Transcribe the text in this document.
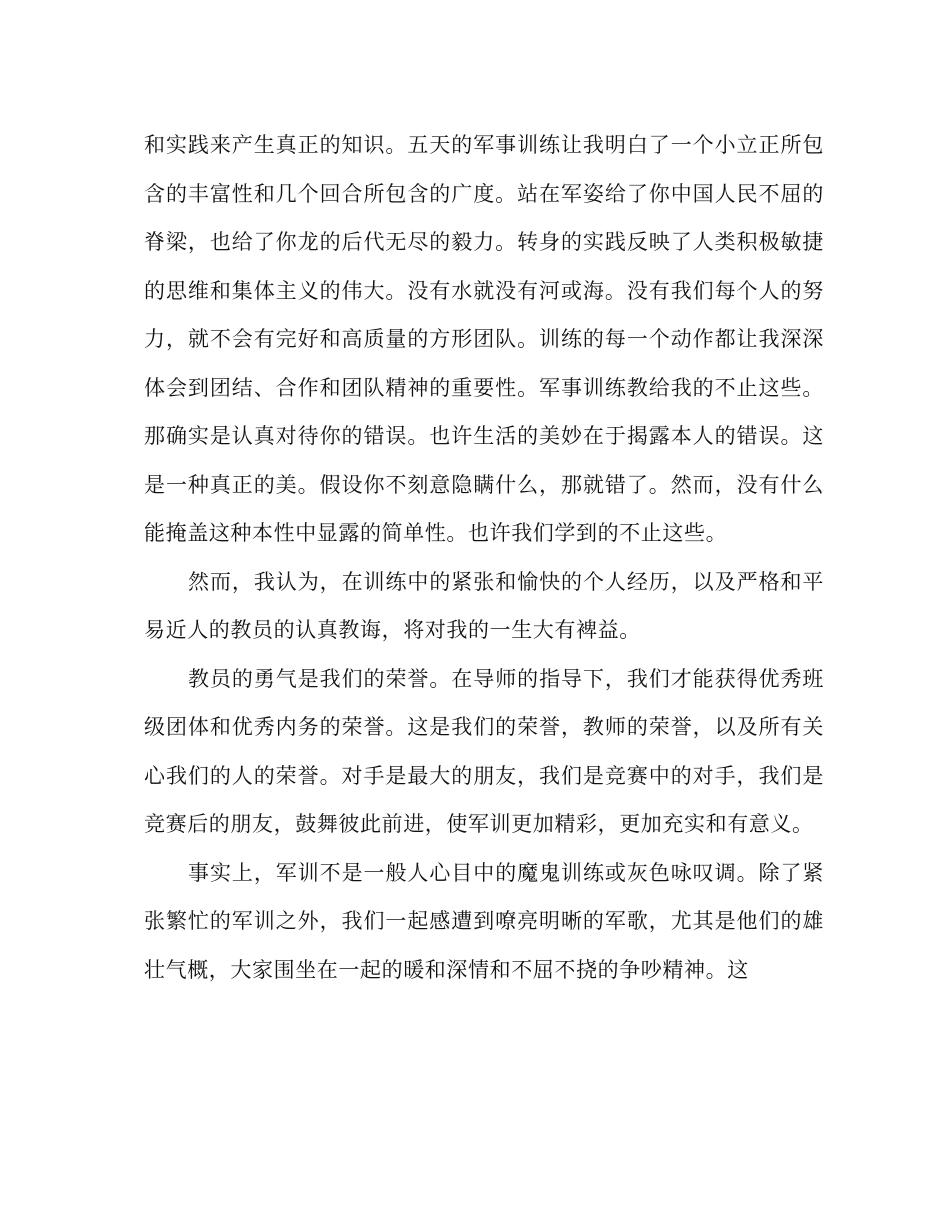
和实践来产生真正的知识。五天的军事训练让我明白了一个小立正所包含的丰富性和几个回合所包含的广度。站在军姿给了你中国人民不屈的脊梁，也给了你龙的后代无尽的毅力。转身的实践反映了人类积极敏捷的思维和集体主义的伟大。没有水就没有河或海。没有我们每个人的努力，就不会有完好和高质量的方形团队。训练的每一个动作都让我深深体会到团结、合作和团队精神的重要性。军事训练教给我的不止这些。那确实是认真对待你的错误。也许生活的美妙在于揭露本人的错误。这是一种真正的美。假设你不刻意隐瞒什么，那就错了。然而，没有什么能掩盖这种本性中显露的简单性。也许我们学到的不止这些。

然而，我认为，在训练中的紧张和愉快的个人经历，以及严格和平易近人的教员的认真教诲，将对我的一生大有裨益。

教员的勇气是我们的荣誉。在导师的指导下，我们才能获得优秀班级团体和优秀内务的荣誉。这是我们的荣誉，教师的荣誉，以及所有关心我们的人的荣誉。对手是最大的朋友，我们是竞赛中的对手，我们是竞赛后的朋友，鼓舞彼此前进，使军训更加精彩，更加充实和有意义。

事实上，军训不是一般人心目中的魔鬼训练或灰色咏叹调。除了紧张繁忙的军训之外，我们一起感遭到嘹亮明晰的军歌，尤其是他们的雄壮气概，大家围坐在一起的暖和深情和不屈不挠的争吵精神。这
